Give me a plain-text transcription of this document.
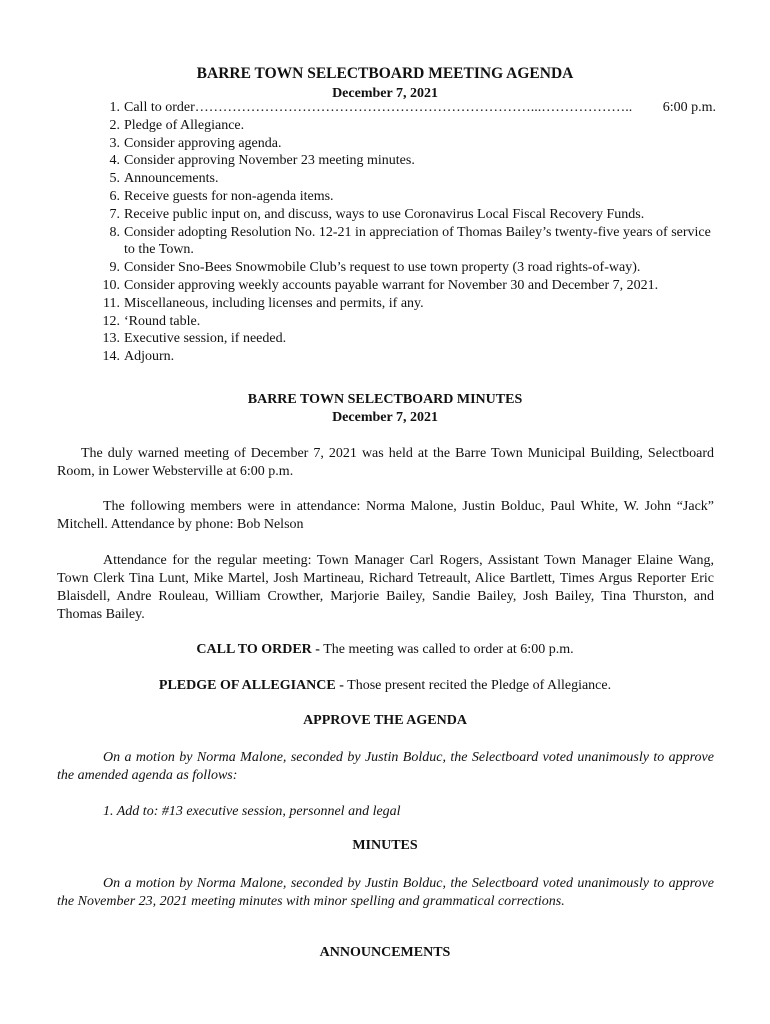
BARRE TOWN SELECTBOARD MEETING AGENDA
December 7, 2021
1. Call to order ………………………………………………………………...………………..	6:00 p.m.
2. Pledge of Allegiance.
3. Consider approving agenda.
4. Consider approving November 23 meeting minutes.
5. Announcements.
6. Receive guests for non-agenda items.
7. Receive public input on, and discuss, ways to use Coronavirus Local Fiscal Recovery Funds.
8. Consider adopting Resolution No. 12-21 in appreciation of Thomas Bailey’s twenty-five years of service to the Town.
9. Consider Sno-Bees Snowmobile Club’s request to use town property (3 road rights-of-way).
10. Consider approving weekly accounts payable warrant for November 30 and December 7, 2021.
11. Miscellaneous, including licenses and permits, if any.
12. ‘Round table.
13. Executive session, if needed.
14. Adjourn.
BARRE TOWN SELECTBOARD MINUTES
December 7, 2021
The duly warned meeting of December 7, 2021 was held at the Barre Town Municipal Building, Selectboard Room, in Lower Websterville at 6:00 p.m.
The following members were in attendance: Norma Malone, Justin Bolduc, Paul White, W. John “Jack” Mitchell. Attendance by phone: Bob Nelson
Attendance for the regular meeting: Town Manager Carl Rogers, Assistant Town Manager Elaine Wang, Town Clerk Tina Lunt, Mike Martel, Josh Martineau, Richard Tetreault, Alice Bartlett, Times Argus Reporter Eric Blaisdell, Andre Rouleau, William Crowther, Marjorie Bailey, Sandie Bailey, Josh Bailey, Tina Thurston, and Thomas Bailey.
CALL TO ORDER - The meeting was called to order at 6:00 p.m.
PLEDGE OF ALLEGIANCE - Those present recited the Pledge of Allegiance.
APPROVE THE AGENDA
On a motion by Norma Malone, seconded by Justin Bolduc, the Selectboard voted unanimously to approve the amended agenda as follows:
1. Add to: #13 executive session, personnel and legal
MINUTES
On a motion by Norma Malone, seconded by Justin Bolduc, the Selectboard voted unanimously to approve the November 23, 2021 meeting minutes with minor spelling and grammatical corrections.
ANNOUNCEMENTS
